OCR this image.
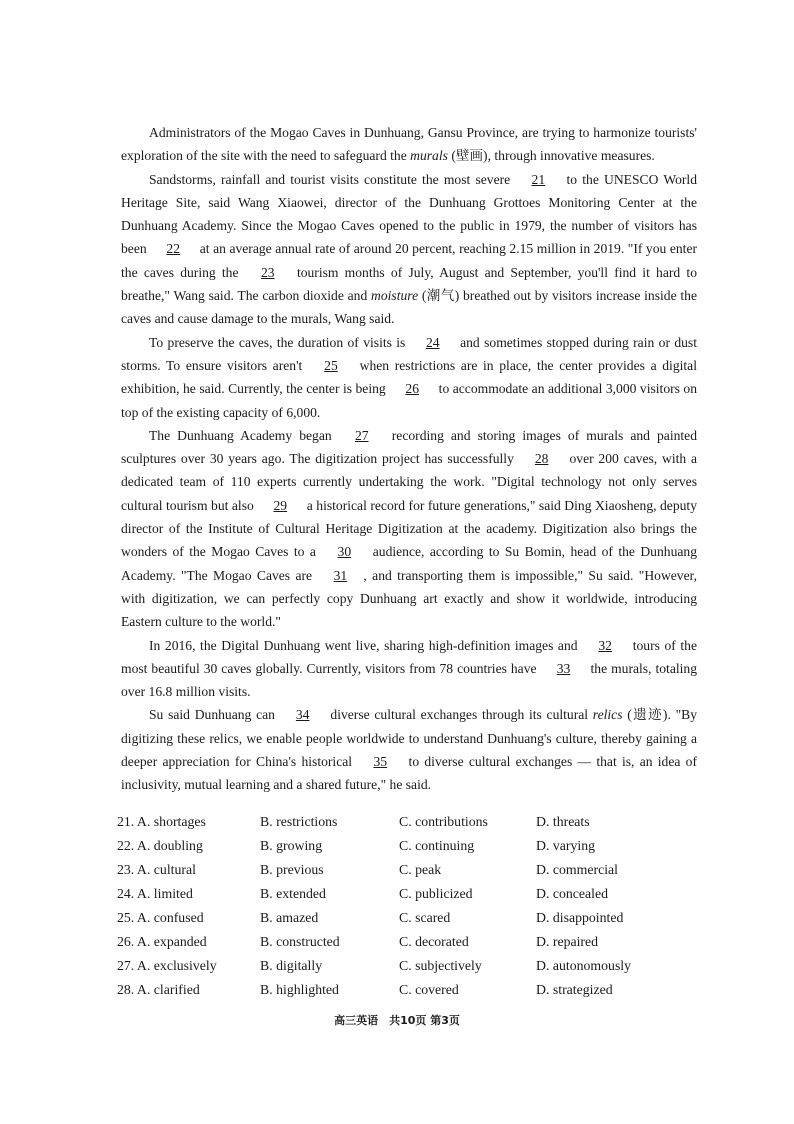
Administrators of the Mogao Caves in Dunhuang, Gansu Province, are trying to harmonize tourists' exploration of the site with the need to safeguard the murals (壁画), through innovative measures.

Sandstorms, rainfall and tourist visits constitute the most severe 21 to the UNESCO World Heritage Site, said Wang Xiaowei, director of the Dunhuang Grottoes Monitoring Center at the Dunhuang Academy. Since the Mogao Caves opened to the public in 1979, the number of visitors has been 22 at an average annual rate of around 20 percent, reaching 2.15 million in 2019. "If you enter the caves during the 23 tourism months of July, August and September, you'll find it hard to breathe," Wang said. The carbon dioxide and moisture (潮气) breathed out by visitors increase inside the caves and cause damage to the murals, Wang said.

To preserve the caves, the duration of visits is 24 and sometimes stopped during rain or dust storms. To ensure visitors aren't 25 when restrictions are in place, the center provides a digital exhibition, he said. Currently, the center is being 26 to accommodate an additional 3,000 visitors on top of the existing capacity of 6,000.

The Dunhuang Academy began 27 recording and storing images of murals and painted sculptures over 30 years ago. The digitization project has successfully 28 over 200 caves, with a dedicated team of 110 experts currently undertaking the work. "Digital technology not only serves cultural tourism but also 29 a historical record for future generations," said Ding Xiaosheng, deputy director of the Institute of Cultural Heritage Digitization at the academy. Digitization also brings the wonders of the Mogao Caves to a 30 audience, according to Su Bomin, head of the Dunhuang Academy. "The Mogao Caves are 31 , and transporting them is impossible," Su said. "However, with digitization, we can perfectly copy Dunhuang art exactly and show it worldwide, introducing Eastern culture to the world."

In 2016, the Digital Dunhuang went live, sharing high-definition images and 32 tours of the most beautiful 30 caves globally. Currently, visitors from 78 countries have 33 the murals, totaling over 16.8 million visits.

Su said Dunhuang can 34 diverse cultural exchanges through its cultural relics (遗迹). "By digitizing these relics, we enable people worldwide to understand Dunhuang's culture, thereby gaining a deeper appreciation for China's historical 35 to diverse cultural exchanges — that is, an idea of inclusivity, mutual learning and a shared future," he said.

21. A. shortages	B. restrictions	C. contributions	D. threats
22. A. doubling	B. growing	C. continuing	D. varying
23. A. cultural	B. previous	C. peak	D. commercial
24. A. limited	B. extended	C. publicized	D. concealed
25. A. confused	B. amazed	C. scared	D. disappointed
26. A. expanded	B. constructed	C. decorated	D. repaired
27. A. exclusively	B. digitally	C. subjectively	D. autonomously
28. A. clarified	B. highlighted	C. covered	D. strategized
高三英语　共10页 第3页
